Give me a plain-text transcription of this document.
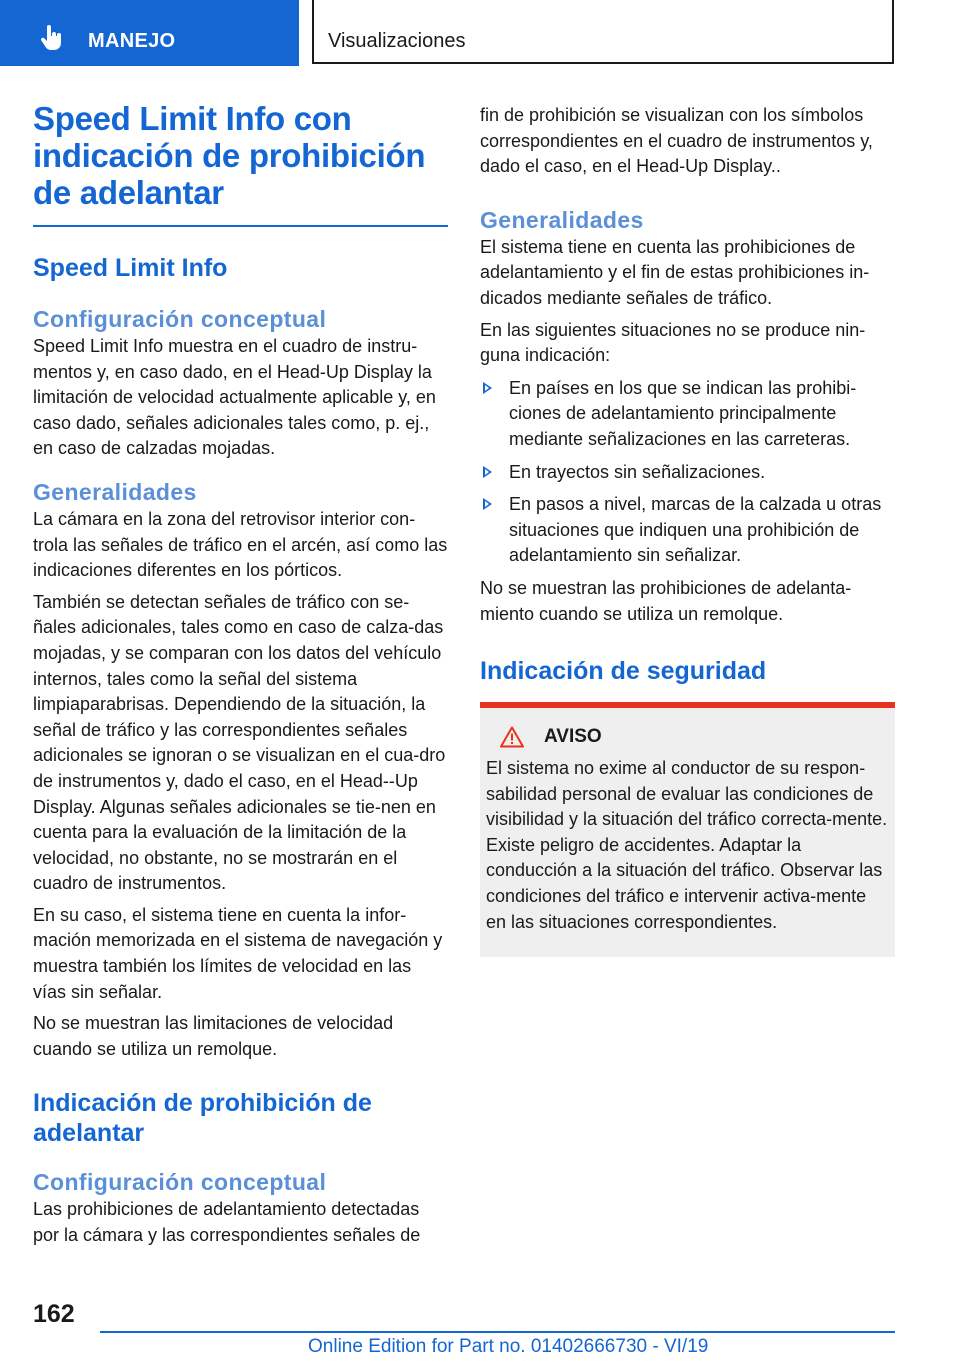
MANEJO	Visualizaciones
Speed Limit Info con indicación de prohibición de adelantar
Speed Limit Info
Configuración conceptual

Speed Limit Info muestra en el cuadro de instru-mentos y, en caso dado, en el Head-Up Display la limitación de velocidad actualmente aplicable y, en caso dado, señales adicionales tales como, p. ej., en caso de calzadas mojadas.

Generalidades

La cámara en la zona del retrovisor interior con-trola las señales de tráfico en el arcén, así como las indicaciones diferentes en los pórticos.

También se detectan señales de tráfico con se-ñales adicionales, tales como en caso de calza-das mojadas, y se comparan con los datos del vehículo internos, tales como la señal del sistema limpiaparabrisas. Dependiendo de la situación, la señal de tráfico y las correspondientes señales adicionales se ignoran o se visualizan en el cua-dro de instrumentos y, dado el caso, en el Head--Up Display. Algunas señales adicionales se tie-nen en cuenta para la evaluación de la limitación de la velocidad, no obstante, no se mostrarán en el cuadro de instrumentos.

En su caso, el sistema tiene en cuenta la infor-mación memorizada en el sistema de navegación y muestra también los límites de velocidad en las vías sin señalar.

No se muestran las limitaciones de velocidad cuando se utiliza un remolque.

Indicación de prohibición de adelantar
Configuración conceptual

Las prohibiciones de adelantamiento detectadas por la cámara y las correspondientes señales de

fin de prohibición se visualizan con los símbolos correspondientes en el cuadro de instrumentos y, dado el caso, en el Head-Up Display..

Generalidades

El sistema tiene en cuenta las prohibiciones de adelantamiento y el fin de estas prohibiciones in-dicados mediante señales de tráfico.

En las siguientes situaciones no se produce nin-guna indicación:

En países en los que se indican las prohibi-ciones de adelantamiento principalmente mediante señalizaciones en las carreteras.
En trayectos sin señalizaciones.
En pasos a nivel, marcas de la calzada u otras situaciones que indiquen una prohibición de adelantamiento sin señalizar.

No se muestran las prohibiciones de adelanta-miento cuando se utiliza un remolque.

Indicación de seguridad
AVISO

El sistema no exime al conductor de su respon-sabilidad personal de evaluar las condiciones de visibilidad y la situación del tráfico correcta-mente. Existe peligro de accidentes. Adaptar la conducción a la situación del tráfico. Observar las condiciones del tráfico e intervenir activa-mente en las situaciones correspondientes.

162
Online Edition for Part no. 01402666730 - VI/19
